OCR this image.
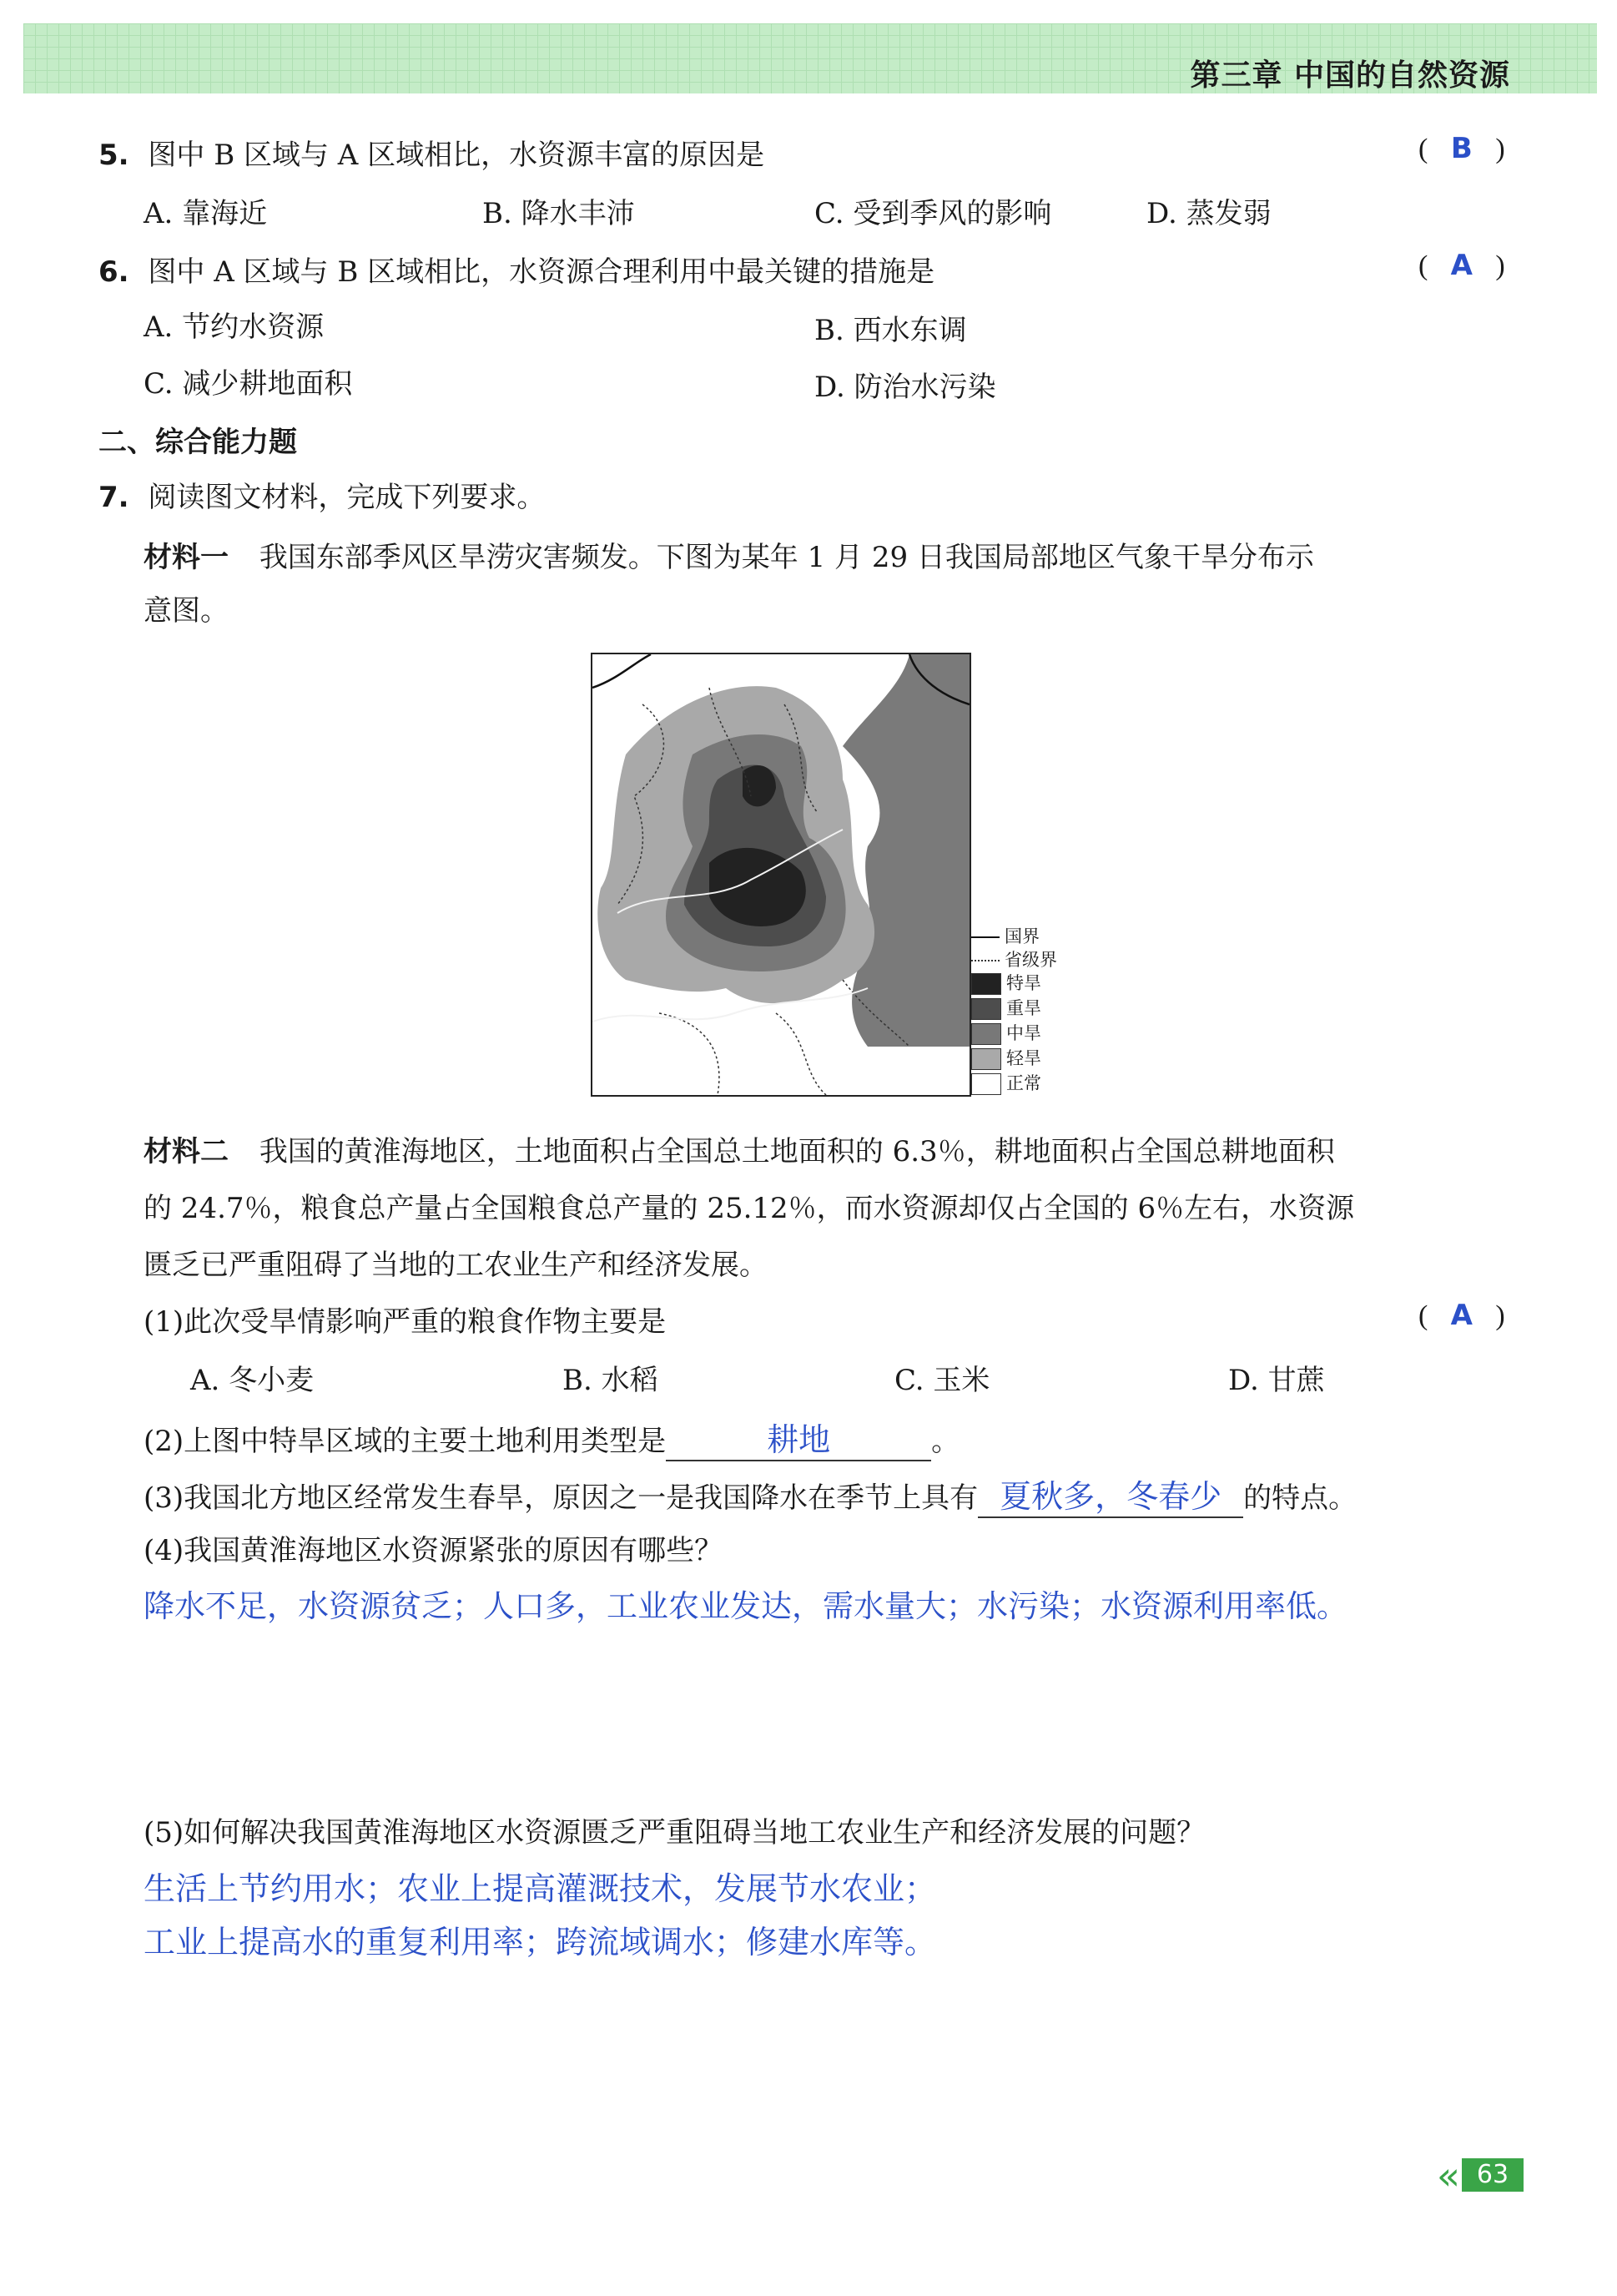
第三章 中国的自然资源
5. 图中 B 区域与 A 区域相比，水资源丰富的原因是	( B )
A. 靠海近	B. 降水丰沛	C. 受到季风的影响	D. 蒸发弱
6. 图中 A 区域与 B 区域相比，水资源合理利用中最关键的措施是	( A )
A. 节约水资源	B. 西水东调
C. 减少耕地面积	D. 防治水污染
二、综合能力题
7. 阅读图文材料，完成下列要求。
材料一 我国东部季风区旱涝灾害频发。下图为某年 1 月 29 日我国局部地区气象干旱分布示
意图。
国界
省级界
特旱
重旱
中旱
轻旱
正常
材料二 我国的黄淮海地区，土地面积占全国总土地面积的 6.3％，耕地面积占全国总耕地面积
的 24.7％，粮食总产量占全国粮食总产量的 25.12％，而水资源却仅占全国的 6％左右，水资源
匮乏已严重阻碍了当地的工农业生产和经济发展。
(1)此次受旱情影响严重的粮食作物主要是	( A )
A. 冬小麦	B. 水稻	C. 玉米	D. 甘蔗
(2)上图中特旱区域的主要土地利用类型是	耕地	。
(3)我国北方地区经常发生春旱，原因之一是我国降水在季节上具有 夏秋多，冬春少 的特点。
(4)我国黄淮海地区水资源紧张的原因有哪些？
降水不足，水资源贫乏；人口多，工业农业发达，需水量大；水污染；水资源利用率低。
(5)如何解决我国黄淮海地区水资源匮乏严重阻碍当地工农业生产和经济发展的问题？
生活上节约用水；农业上提高灌溉技术，发展节水农业；
工业上提高水的重复利用率；跨流域调水；修建水库等。
« 63
